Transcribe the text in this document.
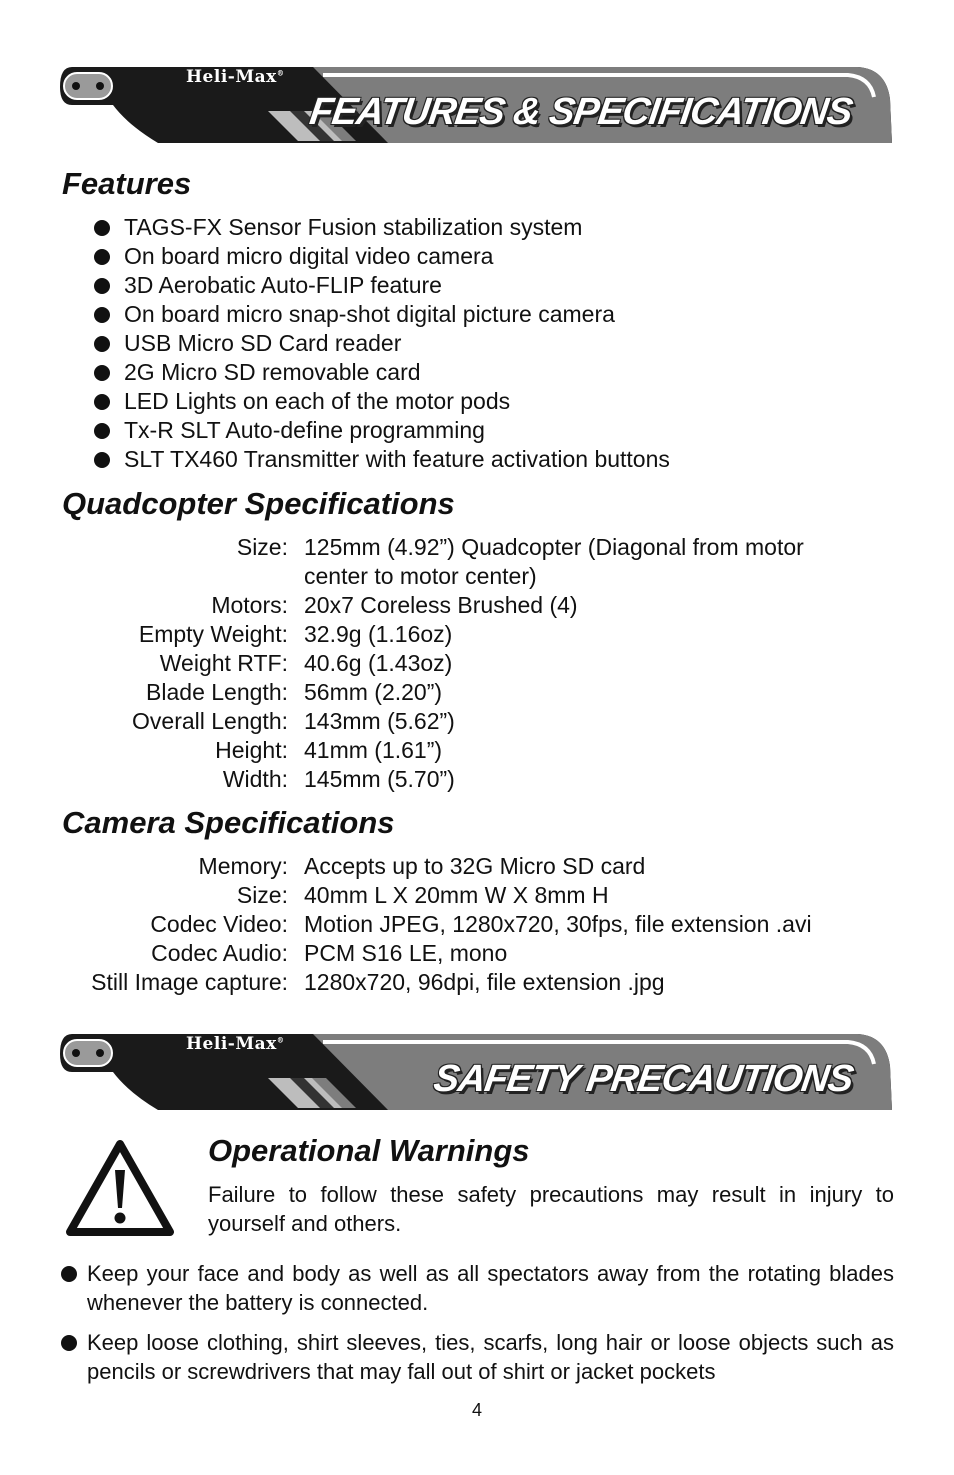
Heli-Max®
FEATURES & SPECIFICATIONS
Features
TAGS-FX Sensor Fusion stabilization system
On board micro digital video camera
3D Aerobatic Auto-FLIP feature
On board micro snap-shot digital picture camera
USB Micro SD Card reader
2G Micro SD removable card
LED Lights on each of the motor pods
Tx-R SLT Auto-define programming
SLT TX460 Transmitter with feature activation buttons
Quadcopter Specifications
Size: 125mm (4.92”) Quadcopter (Diagonal from motor center to motor center)
Motors: 20x7 Coreless Brushed (4)
Empty Weight: 32.9g (1.16oz)
Weight RTF: 40.6g (1.43oz)
Blade Length: 56mm (2.20”)
Overall Length: 143mm (5.62”)
Height: 41mm (1.61”)
Width: 145mm (5.70”)
Camera Specifications
Memory: Accepts up to 32G Micro SD card
Size: 40mm L X 20mm W X 8mm H
Codec Video: Motion JPEG, 1280x720, 30fps, file extension .avi
Codec Audio: PCM S16 LE, mono
Still Image capture: 1280x720, 96dpi, file extension .jpg
Heli-Max®
SAFETY PRECAUTIONS
Operational Warnings

Failure to follow these safety precautions may result in injury to yourself and others.

Keep your face and body as well as all spectators away from the rotating blades whenever the battery is connected.
Keep loose clothing, shirt sleeves, ties, scarfs, long hair or loose objects such as pencils or screwdrivers that may fall out of shirt or jacket pockets
4
